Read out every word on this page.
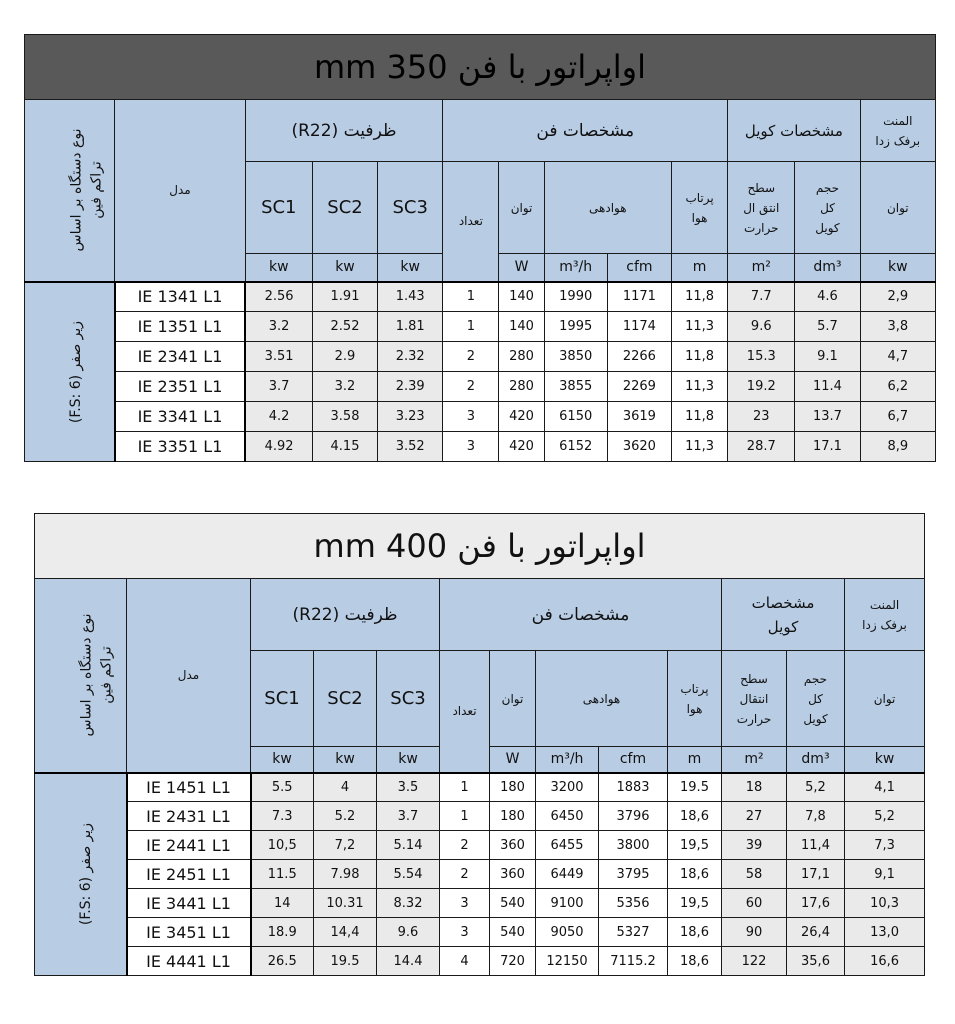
اواپراتور با فن 350 mm												
نوع دستگاه بر اساس تراکم فین	مدل	ظرفیت (R22)			مشخصات فن					مشخصات کویل		المنت
برفک زدا
		SC1	SC2	SC3	تعداد	توان	هوادهی		پرتاب
هوا	سطح
انتق ال
حرارت	حجم
کل
کویل	توان
		kw	kw	kw		W	m³/h	cfm	m	m²	dm³	kw
زیر صفر (F.S: 6)	IE 1341 L1	2.56	1.91	1.43	1	140	1990	1171	11,8	7.7	4.6	2,9
	IE 1351 L1	3.2	2.52	1.81	1	140	1995	1174	11,3	9.6	5.7	3,8
	IE 2341 L1	3.51	2.9	2.32	2	280	3850	2266	11,8	15.3	9.1	4,7
	IE 2351 L1	3.7	3.2	2.39	2	280	3855	2269	11,3	19.2	11.4	6,2
	IE 3341 L1	4.2	3.58	3.23	3	420	6150	3619	11,8	23	13.7	6,7
	IE 3351 L1	4.92	4.15	3.52	3	420	6152	3620	11,3	28.7	17.1	8,9
اواپراتور با فن 400 mm												
نوع دستگاه بر اساس تراکم فین	مدل	ظرفیت (R22)			مشخصات فن					مشخصات
کویل		المنت
برفک زدا
		SC1	SC2	SC3	تعداد	توان	هوادهی		پرتاب
هوا	سطح
انتقال
حرارت	حجم
کل
کویل	توان
		kw	kw	kw		W	m³/h	cfm	m	m²	dm³	kw
زیر صفر (F.S: 6)	IE 1451 L1	5.5	4	3.5	1	180	3200	1883	19.5	18	5,2	4,1
	IE 2431 L1	7.3	5.2	3.7	1	180	6450	3796	18,6	27	7,8	5,2
	IE 2441 L1	10,5	7,2	5.14	2	360	6455	3800	19,5	39	11,4	7,3
	IE 2451 L1	11.5	7.98	5.54	2	360	6449	3795	18,6	58	17,1	9,1
	IE 3441 L1	14	10.31	8.32	3	540	9100	5356	19,5	60	17,6	10,3
	IE 3451 L1	18.9	14,4	9.6	3	540	9050	5327	18,6	90	26,4	13,0
	IE 4441 L1	26.5	19.5	14.4	4	720	12150	7115.2	18,6	122	35,6	16,6
